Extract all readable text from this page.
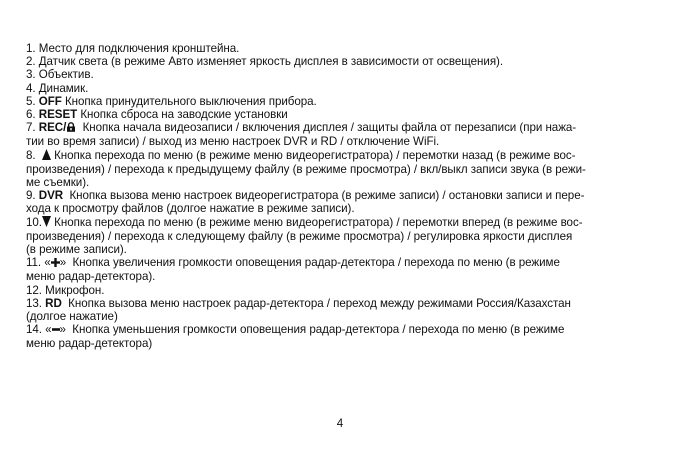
1. Место для подключения кронштейна.
2. Датчик света (в режиме Авто изменяет яркость дисплея в зависимости от освещения).
3. Объектив.
4. Динамик.
5. OFF Кнопка принудительного выключения прибора.
6. RESET Кнопка сброса на заводские установки
7. REC/ Кнопка начала видеозаписи / включения дисплея / защиты файла от перезаписи (при нажа-
тии во время записи) / выход из меню настроек DVR и RD / отключение WiFi.
8. Кнопка перехода по меню (в режиме меню видеорегистратора) / перемотки назад (в режиме вос-
произведения) / перехода к предыдущему файлу (в режиме просмотра) / вкл/выкл записи звука (в режи-
ме съемки).
9. DVR Кнопка вызова меню настроек видеорегистратора (в режиме записи) / остановки записи и пере-
хода к просмотру файлов (долгое нажатие в режиме записи).
10. Кнопка перехода по меню (в режиме меню видеорегистратора) / перемотки вперед (в режиме вос-
произведения) / перехода к следующему файлу (в режиме просмотра) / регулировка яркости дисплея
(в режиме записи).
11. « » Кнопка увеличения громкости оповещения радар-детектора / перехода по меню (в режиме
меню радар-детектора).
12. Микрофон.
13. RD Кнопка вызова меню настроек радар-детектора / переход между режимами Россия/Казахстан
(долгое нажатие)
14. « » Кнопка уменьшения громкости оповещения радар-детектора / перехода по меню (в режиме
меню радар-детектора)
4
